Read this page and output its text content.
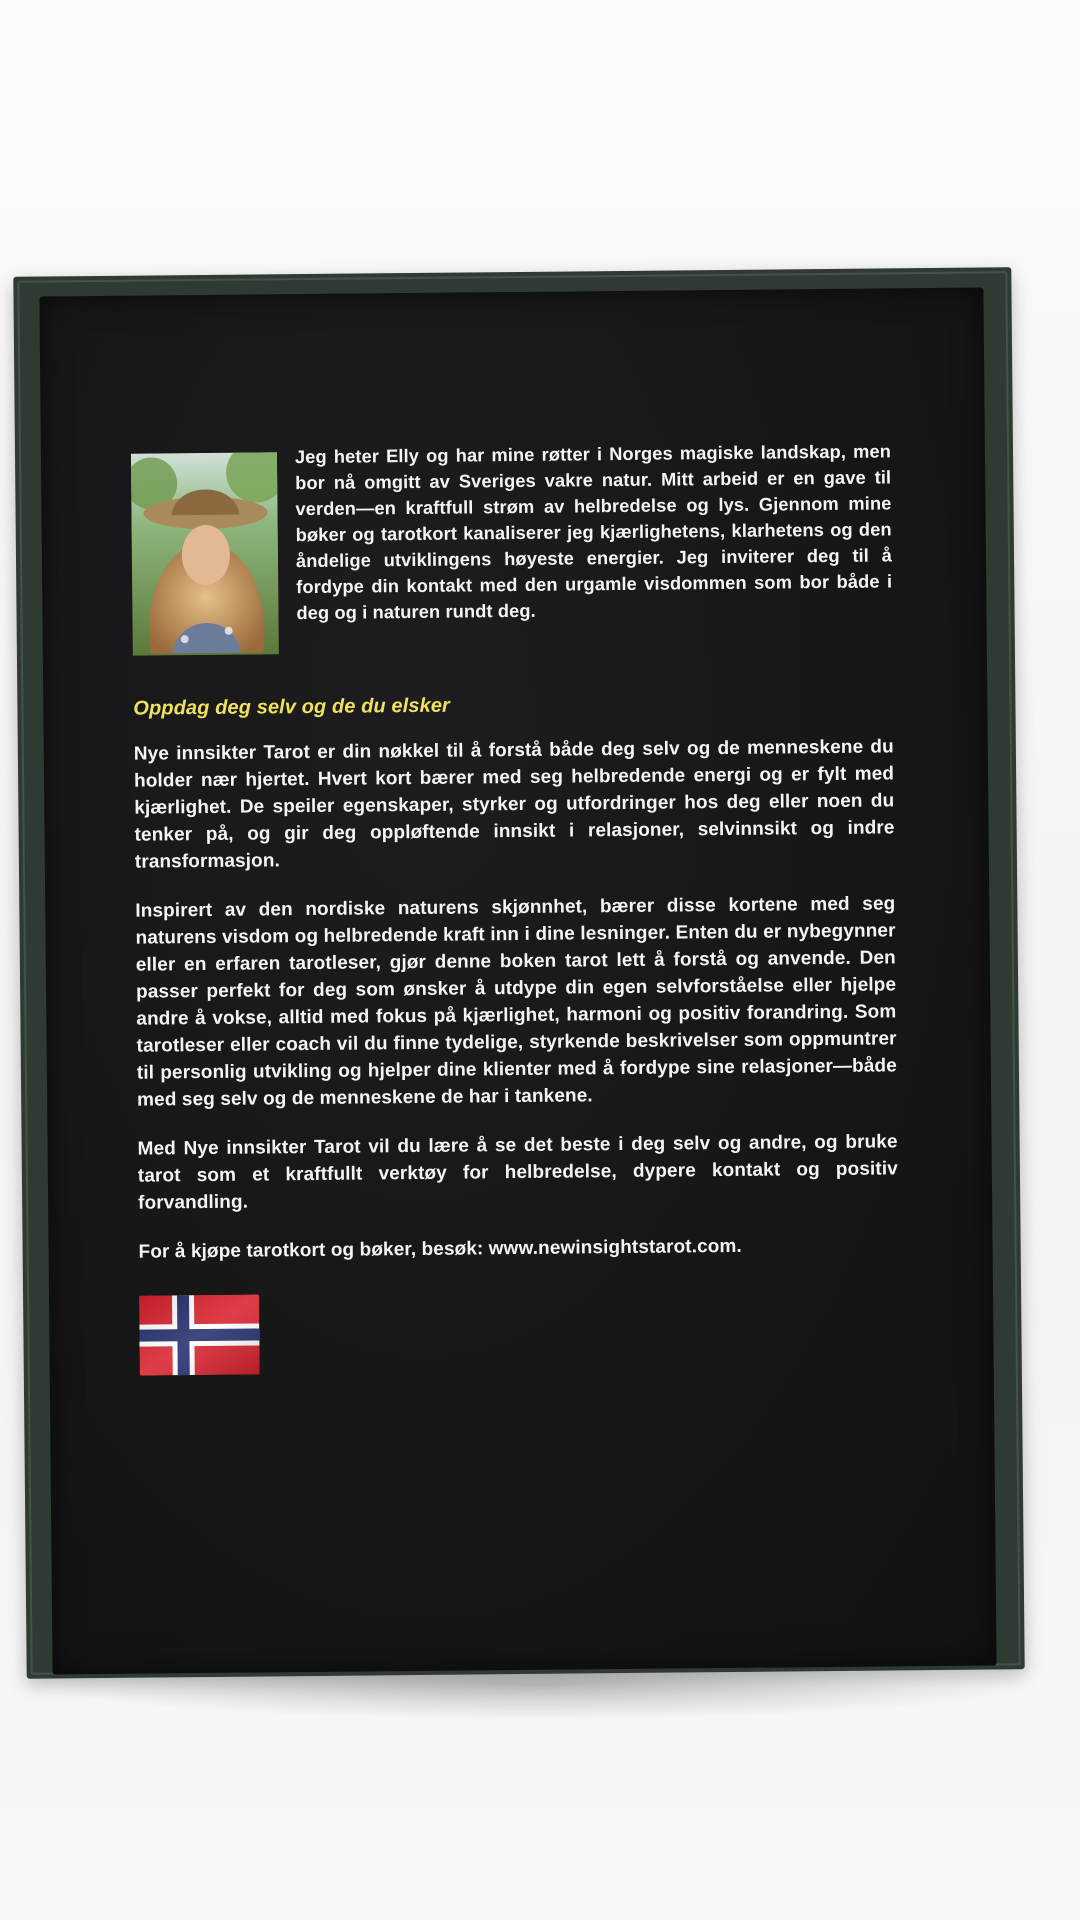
Jeg heter Elly og har mine røtter i Norges magiske landskap, men bor nå omgitt av Sveriges vakre natur. Mitt arbeid er en gave til verden—en kraftfull strøm av helbredelse og lys. Gjennom mine bøker og tarotkort kanaliserer jeg kjærlighetens, klarhetens og den åndelige utviklingens høyeste energier. Jeg inviterer deg til å fordype din kontakt med den urgamle visdommen som bor både i deg og i naturen rundt deg.
Oppdag deg selv og de du elsker
Nye innsikter Tarot er din nøkkel til å forstå både deg selv og de menneskene du holder nær hjertet. Hvert kort bærer med seg helbredende energi og er fylt med kjærlighet. De speiler egenskaper, styrker og utfordringer hos deg eller noen du tenker på, og gir deg oppløftende innsikt i relasjoner, selvinnsikt og indre transformasjon.
Inspirert av den nordiske naturens skjønnhet, bærer disse kortene med seg naturens visdom og helbredende kraft inn i dine lesninger. Enten du er nybegynner eller en erfaren tarotleser, gjør denne boken tarot lett å forstå og anvende. Den passer perfekt for deg som ønsker å utdype din egen selvforståelse eller hjelpe andre å vokse, alltid med fokus på kjærlighet, harmoni og positiv forandring. Som tarotleser eller coach vil du finne tydelige, styrkende beskrivelser som oppmuntrer til personlig utvikling og hjelper dine klienter med å fordype sine relasjoner—både med seg selv og de menneskene de har i tankene.
Med Nye innsikter Tarot vil du lære å se det beste i deg selv og andre, og bruke tarot som et kraftfullt verktøy for helbredelse, dypere kontakt og positiv forvandling.
For å kjøpe tarotkort og bøker, besøk: www.newinsightstarot.com.
